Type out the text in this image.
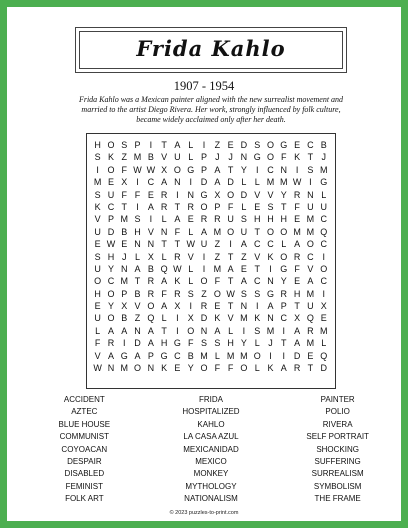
Frida Kahlo
1907 - 1954
Frida Kahlo was a Mexican painter aligned with the new surrealist movement and married to the artist Diego Rivera. Her work, strongly influenced by folk culture, became widely acclaimed only after her death.
H O S P	I	T A L	I	Z E D S O G E C B
S K Z M B V U L P J J N G O F K T J
I O F W W X O G P A T Y	I C N I	S M
M E X	I C A N I D A D L L M M W I G
S U F F E R I N G X O D V V Y R N L
K C T	I	A R T R O P F L E S T F U U
V P M S	I	L A E R R U S H H H E M C
U D B H V N F L A M O U T O O M M Q
E W E N N T T W U Z	I	A C C L A O C
S H J L X L R V	I	Z T Z V K O R C I
U Y N A B Q W L	I M A E T	I G F V O
O C M T R A K L O F T A C N Y E A C
H O P B R F R S Z O W S S G R H M I
E Y X V O A X	I R E T N I	A P T U X
U O B Z Q L	I	X D K V M K N C X Q E
L A A N A T	I O N A L	I	S M I	A R M
F R I D A H G F S S H Y L J T A M L
V A G A P G C B M L M M O I	I D E Q
W N M O N K E Y O F F O L K A R T D
ACCIDENT	FRIDA	PAINTER
AZTEC	HOSPITALIZED	POLIO
BLUE HOUSE	KAHLO	RIVERA
COMMUNIST	LA CASA AZUL	SELF PORTRAIT
COYOACAN	MEXICANIDAD	SHOCKING
DESPAIR	MEXICO	SUFFERING
DISABLED	MONKEY	SURREALISM
FEMINIST	MYTHOLOGY	SYMBOLISM
FOLK ART	NATIONALISM	THE FRAME
© 2023 puzzles-to-print.com
